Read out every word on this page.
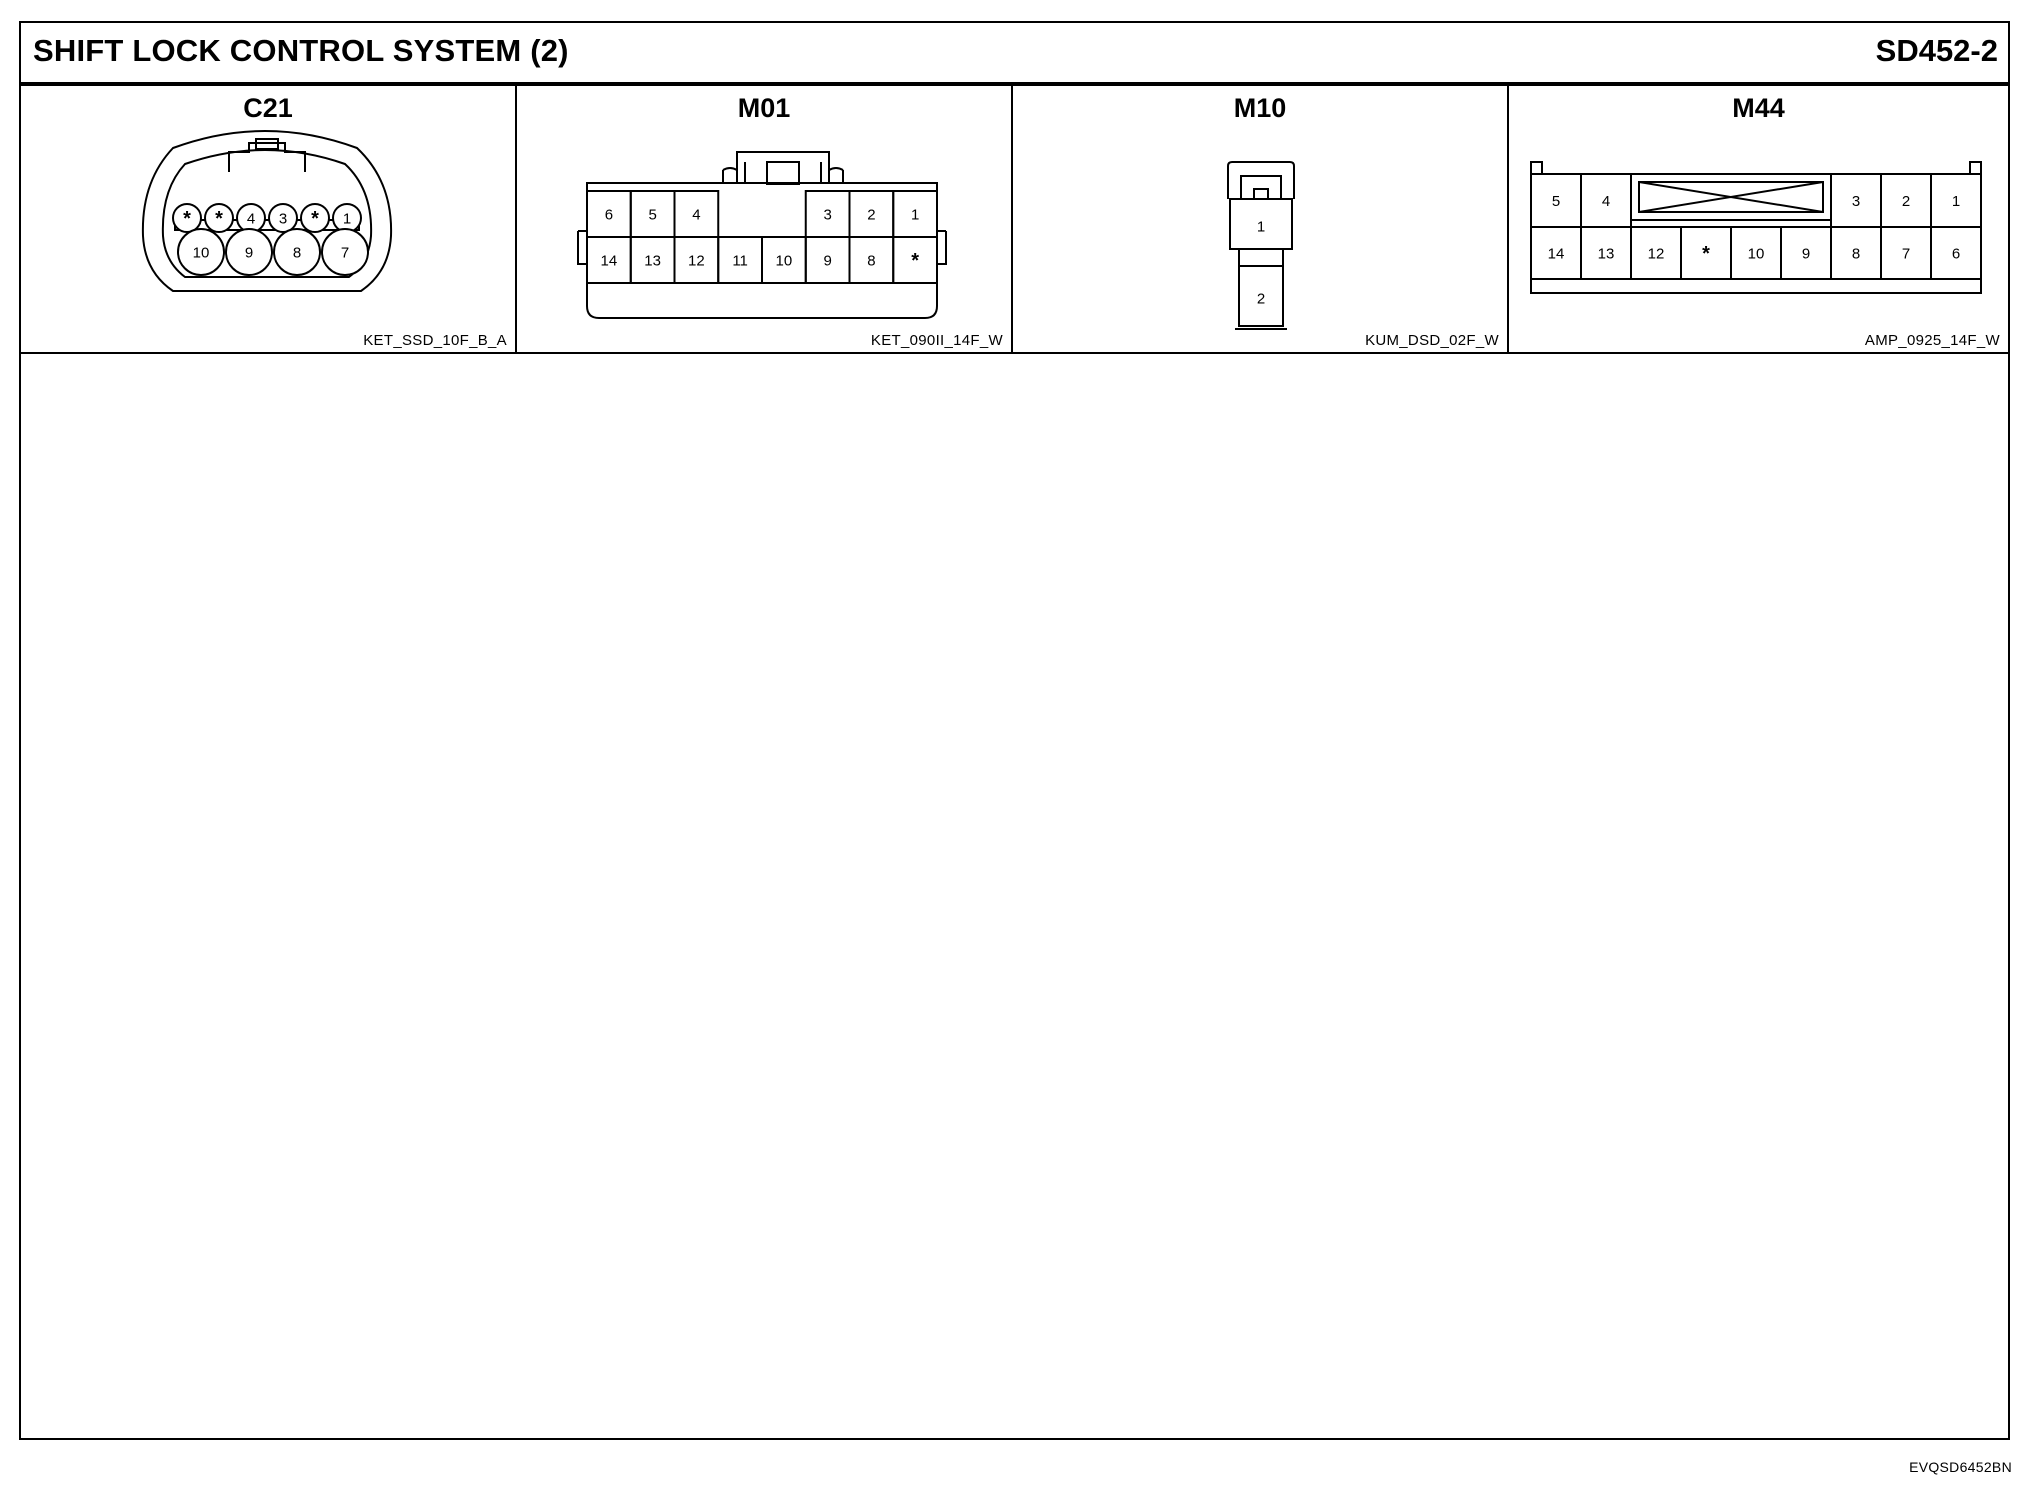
SHIFT LOCK CONTROL SYSTEM (2)	SD452-2
C21
* * 4 3 * 1
10 9	8	7
KET_SSD_10F_B_A
M01
6 5 4	3 2 1
14 13 12 11 10 9 8 *
KET_090II_14F_W
M10
1
2
KUM_DSD_02F_W
M44
5	4	3	2	1
14 13 12 *	10 9	8	7	6
AMP_0925_14F_W
EVQSD6452BN
